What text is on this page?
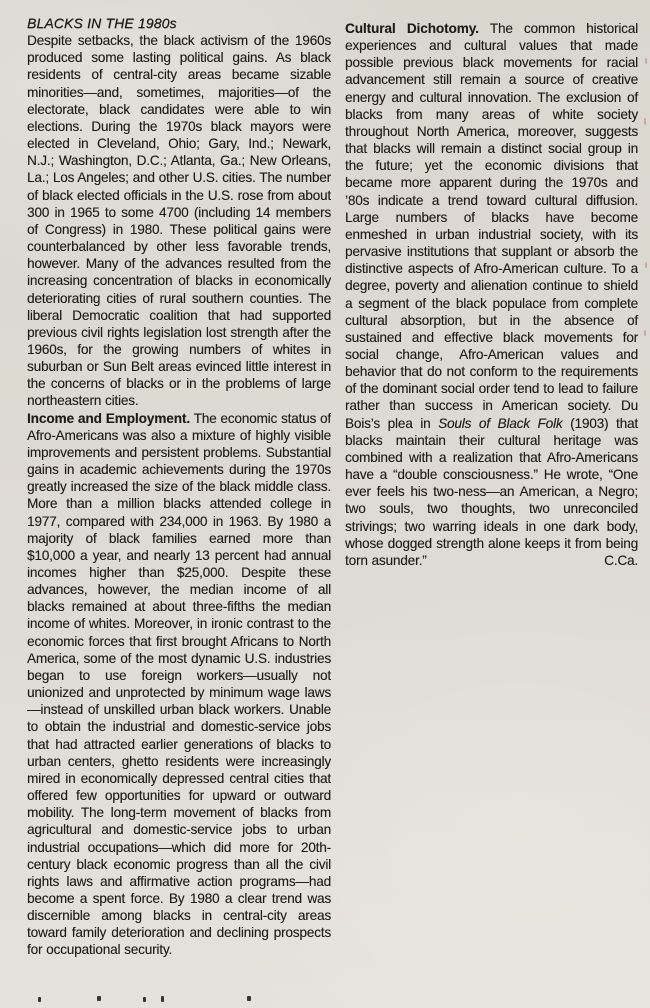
BLACKS IN THE 1980s

Despite setbacks, the black activism of the 1960s produced some lasting political gains. As black residents of central-city areas became sizable minorities—and, sometimes, majorities—of the electorate, black candidates were able to win elections. During the 1970s black mayors were elected in Cleveland, Ohio; Gary, Ind.; Newark, N.J.; Washington, D.C.; Atlanta, Ga.; New Orleans, La.; Los Angeles; and other U.S. cities. The number of black elected officials in the U.S. rose from about 300 in 1965 to some 4700 (including 14 members of Congress) in 1980. These political gains were counterbalanced by other less favorable trends, however. Many of the advances resulted from the increasing concentration of blacks in economically deteriorating cities of rural southern counties. The liberal Democratic coalition that had supported previous civil rights legislation lost strength after the 1960s, for the growing numbers of whites in suburban or Sun Belt areas evinced little interest in the concerns of blacks or in the problems of large northeastern cities.

Income and Employment. The economic status of Afro-Americans was also a mixture of highly visible improvements and persistent problems. Substantial gains in academic achievements during the 1970s greatly increased the size of the black middle class. More than a million blacks attended college in 1977, compared with 234,000 in 1963. By 1980 a majority of black families earned more than $10,000 a year, and nearly 13 percent had annual incomes higher than $25,000. Despite these advances, however, the median income of all blacks remained at about three-fifths the median income of whites. Moreover, in ironic contrast to the economic forces that first brought Africans to North America, some of the most dynamic U.S. industries began to use foreign workers—usually not unionized and unprotected by minimum wage laws—instead of unskilled urban black workers. Unable to obtain the industrial and domestic-service jobs that had attracted earlier generations of blacks to urban centers, ghetto residents were increasingly mired in economically depressed central cities that offered few opportunities for upward or outward mobility. The long-term movement of blacks from agricultural and domestic-service jobs to urban industrial occupations—which did more for 20th-century black economic progress than all the civil rights laws and affirmative action programs—had become a spent force. By 1980 a clear trend was discernible among blacks in central-city areas toward family deterioration and declining prospects for occupational security.

Cultural Dichotomy. The common historical experiences and cultural values that made possible previous black movements for racial advancement still remain a source of creative energy and cultural innovation. The exclusion of blacks from many areas of white society throughout North America, moreover, suggests that blacks will remain a distinct social group in the future; yet the economic divisions that became more apparent during the 1970s and ’80s indicate a trend toward cultural diffusion. Large numbers of blacks have become enmeshed in urban industrial society, with its pervasive institutions that supplant or absorb the distinctive aspects of Afro-American culture. To a degree, poverty and alienation continue to shield a segment of the black populace from complete cultural absorption, but in the absence of sustained and effective black movements for social change, Afro-American values and behavior that do not conform to the requirements of the dominant social order tend to lead to failure rather than success in American society. Du Bois’s plea in Souls of Black Folk (1903) that blacks maintain their cultural heritage was combined with a realization that Afro-Americans have a “double consciousness.” He wrote, “One ever feels his two-ness—an American, a Negro; two souls, two thoughts, two unreconciled strivings; two warring ideals in one dark body, whose dogged strength alone keeps it from being torn asunder.”	C.Ca.
